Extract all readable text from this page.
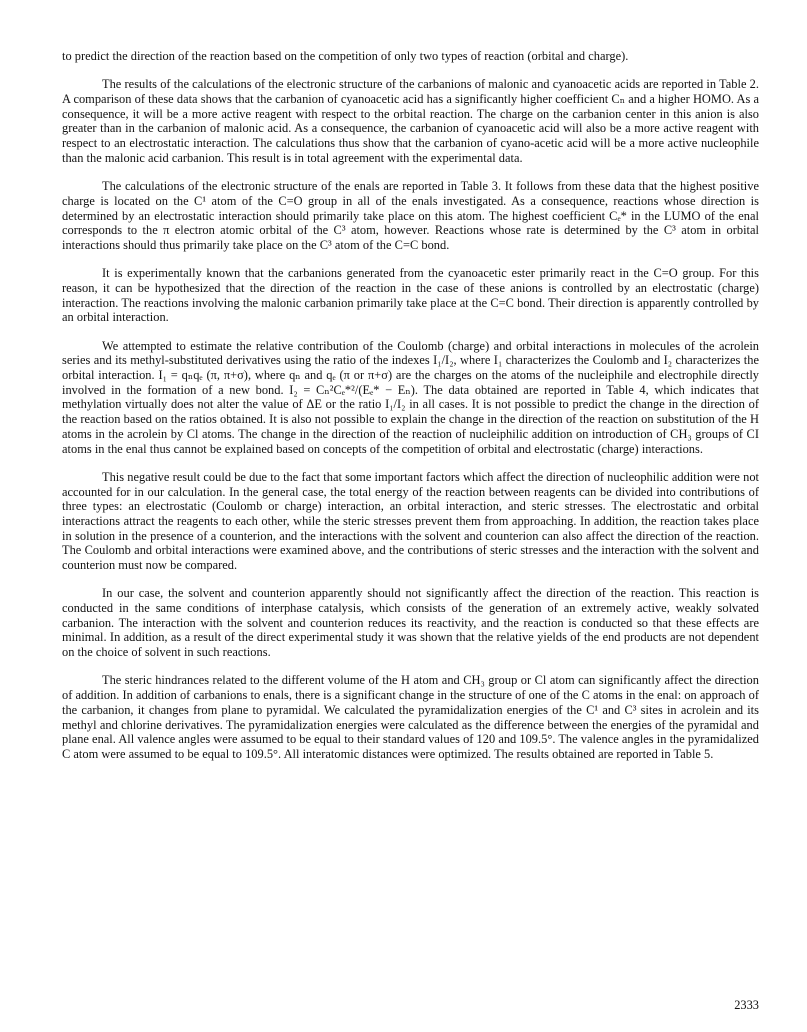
to predict the direction of the reaction based on the competition of only two types of reaction (orbital and charge).

The results of the calculations of the electronic structure of the carbanions of malonic and cyanoacetic acids are reported in Table 2. A comparison of these data shows that the carbanion of cyanoacetic acid has a significantly higher coefficient Cₙ and a higher HOMO. As a consequence, it will be a more active reagent with respect to the orbital reaction. The charge on the carbanion center in this anion is also greater than in the carbanion of malonic acid. As a consequence, the carbanion of cyanoacetic acid will also be a more active reagent with respect to an electrostatic interaction. The calculations thus show that the carbanion of cyano-acetic acid will be a more active nucleophile than the malonic acid carbanion. This result is in total agreement with the experimental data.

The calculations of the electronic structure of the enals are reported in Table 3. It follows from these data that the highest positive charge is located on the C¹ atom of the C=O group in all of the enals investigated. As a consequence, reactions whose direction is determined by an electrostatic interaction should primarily take place on this atom. The highest coefficient Cₑ* in the LUMO of the enal corresponds to the π electron atomic orbital of the C³ atom, however. Reactions whose rate is determined by the C³ atom in orbital interactions should thus primarily take place on the C³ atom of the C=C bond.

It is experimentally known that the carbanions generated from the cyanoacetic ester primarily react in the C=O group. For this reason, it can be hypothesized that the direction of the reaction in the case of these anions is controlled by an electrostatic (charge) interaction. The reactions involving the malonic carbanion primarily take place at the C=C bond. Their direction is apparently controlled by an orbital interaction.

We attempted to estimate the relative contribution of the Coulomb (charge) and orbital interactions in molecules of the acrolein series and its methyl-substituted derivatives using the ratio of the indexes I₁/I₂, where I₁ characterizes the Coulomb and I₂ characterizes the orbital interaction. I₁ = qₙqₑ (π, π+σ), where qₙ and qₑ (π or π+σ) are the charges on the atoms of the nucleiphile and electrophile directly involved in the formation of a new bond. I₂ = Cₙ²Cₑ*²/(Eₑ* − Eₙ). The data obtained are reported in Table 4, which indicates that methylation virtually does not alter the value of ΔE or the ratio I₁/I₂ in all cases. It is not possible to predict the change in the direction of the reaction based on the ratios obtained. It is also not possible to explain the change in the direction of the reaction on substitution of the H atoms in the acrolein by Cl atoms. The change in the direction of the reaction of nucleiphilic addition on introduction of CH₃ groups of CI atoms in the enal thus cannot be explained based on concepts of the competition of orbital and electrostatic (charge) interactions.

This negative result could be due to the fact that some important factors which affect the direction of nucleophilic addition were not accounted for in our calculation. In the general case, the total energy of the reaction between reagents can be divided into contributions of three types: an electrostatic (Coulomb or charge) interaction, an orbital interaction, and steric stresses. The electrostatic and orbital interactions attract the reagents to each other, while the steric stresses prevent them from approaching. In addition, the reaction takes place in solution in the presence of a counterion, and the interactions with the solvent and counterion can also affect the direction of the reaction. The Coulomb and orbital interactions were examined above, and the contributions of steric stresses and the interaction with the solvent and counterion must now be compared.

In our case, the solvent and counterion apparently should not significantly affect the direction of the reaction. This reaction is conducted in the same conditions of interphase catalysis, which consists of the generation of an extremely active, weakly solvated carbanion. The interaction with the solvent and counterion reduces its reactivity, and the reaction is conducted so that these effects are minimal. In addition, as a result of the direct experimental study it was shown that the relative yields of the end products are not dependent on the choice of solvent in such reactions.

The steric hindrances related to the different volume of the H atom and CH₃ group or Cl atom can significantly affect the direction of addition. In addition of carbanions to enals, there is a significant change in the structure of one of the C atoms in the enal: on approach of the carbanion, it changes from plane to pyramidal. We calculated the pyramidalization energies of the C¹ and C³ sites in acrolein and its methyl and chlorine derivatives. The pyramidalization energies were calculated as the difference between the energies of the pyramidal and plane enal. All valence angles were assumed to be equal to their standard values of 120 and 109.5°. The valence angles in the pyramidalized C atom were assumed to be equal to 109.5°. All interatomic distances were optimized. The results obtained are reported in Table 5.

2333
